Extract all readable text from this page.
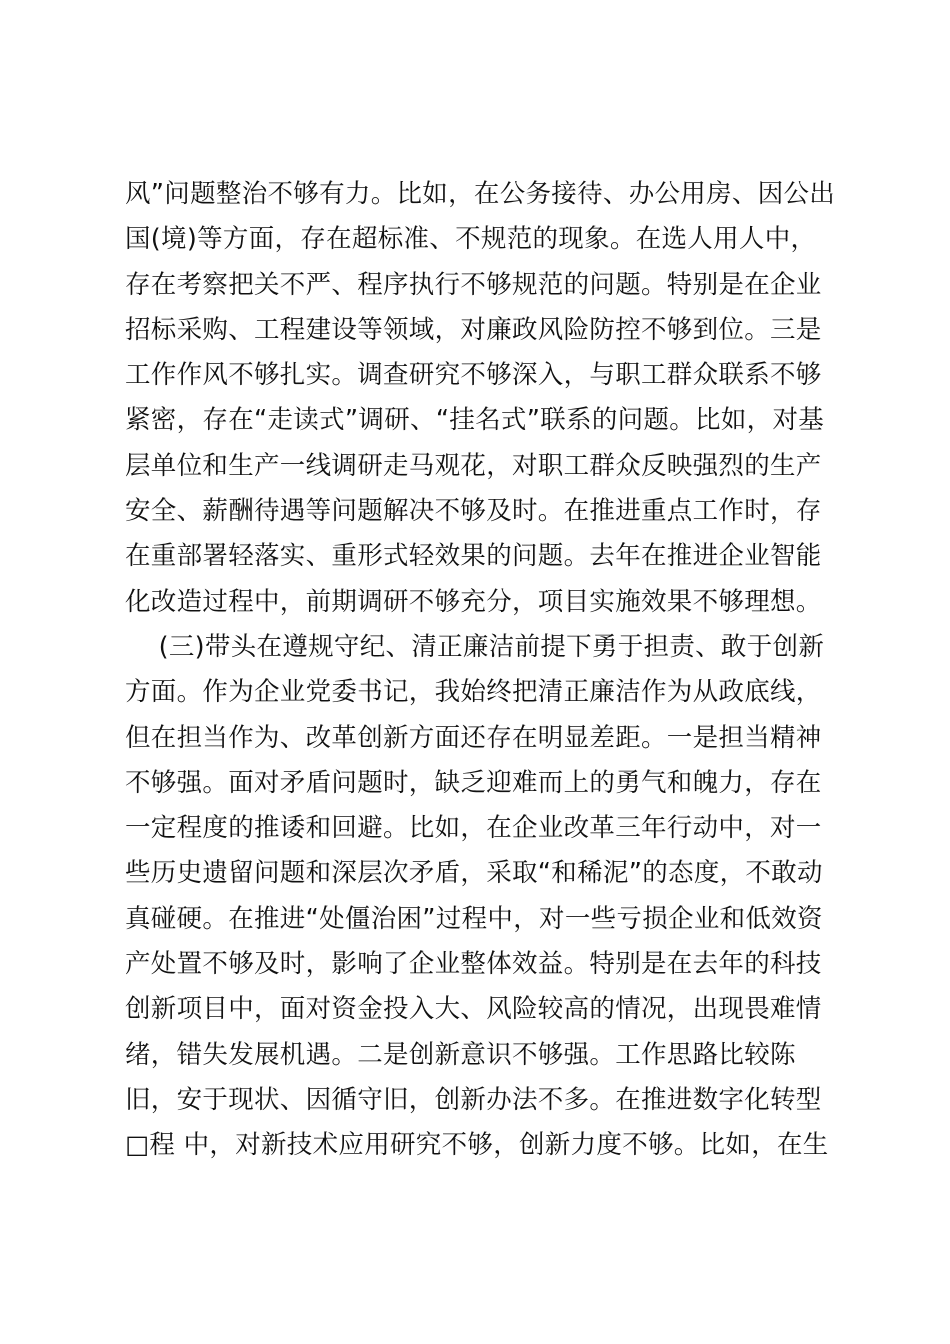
风”问题整治不够有力。比如，在公务接待、办公用房、因公出
国(境)等方面，存在超标准、不规范的现象。在选人用人中，
存在考察把关不严、程序执行不够规范的问题。特别是在企业
招标采购、工程建设等领域，对廉政风险防控不够到位。三是
工作作风不够扎实。调查研究不够深入，与职工群众联系不够
紧密，存在“走读式”调研、“挂名式”联系的问题。比如，对基
层单位和生产一线调研走马观花，对职工群众反映强烈的生产
安全、薪酬待遇等问题解决不够及时。在推进重点工作时，存
在重部署轻落实、重形式轻效果的问题。去年在推进企业智能
化改造过程中，前期调研不够充分，项目实施效果不够理想。
(三)带头在遵规守纪、清正廉洁前提下勇于担责、敢于创新
方面。作为企业党委书记，我始终把清正廉洁作为从政底线，
但在担当作为、改革创新方面还存在明显差距。一是担当精神
不够强。面对矛盾问题时，缺乏迎难而上的勇气和魄力，存在
一定程度的推诿和回避。比如，在企业改革三年行动中，对一
些历史遗留问题和深层次矛盾，采取“和稀泥”的态度，不敢动
真碰硬。在推进“处僵治困”过程中，对一些亏损企业和低效资
产处置不够及时，影响了企业整体效益。特别是在去年的科技
创新项目中，面对资金投入大、风险较高的情况，出现畏难情
绪，错失发展机遇。二是创新意识不够强。工作思路比较陈
旧，安于现状、因循守旧，创新办法不多。在推进数字化转型
□程 中，对新技术应用研究不够，创新力度不够。比如，在生
